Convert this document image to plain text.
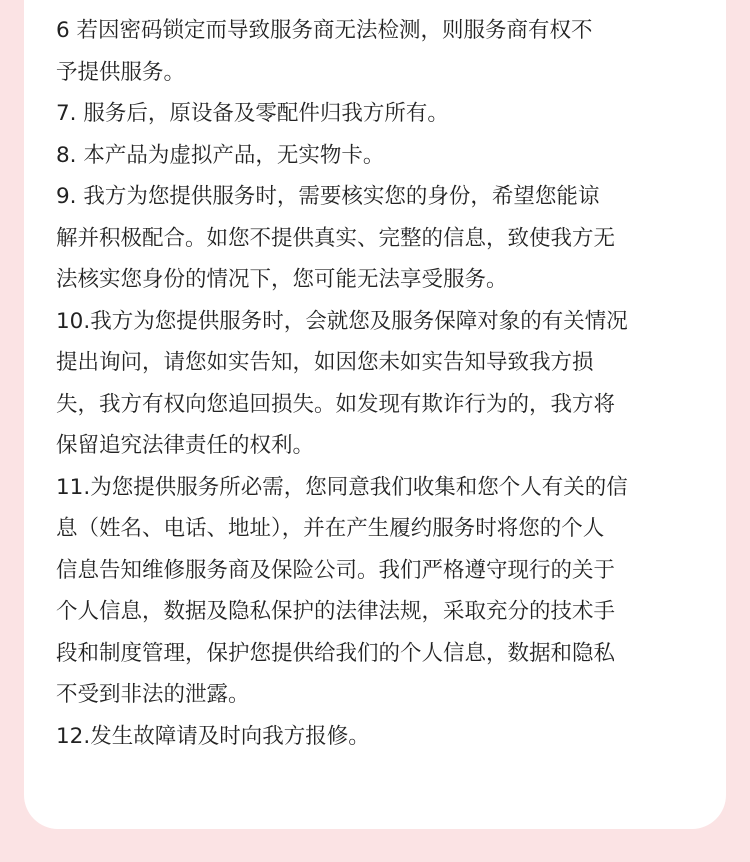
6 若因密码锁定而导致服务商无法检测，则服务商有权不
予提供服务。
7. 服务后，原设备及零配件归我方所有。
8. 本产品为虚拟产品，无实物卡。
9. 我方为您提供服务时，需要核实您的身份，希望您能谅
解并积极配合。如您不提供真实、完整的信息，致使我方无
法核实您身份的情况下，您可能无法享受服务。
10.我方为您提供服务时，会就您及服务保障对象的有关情况
提出询问，请您如实告知，如因您未如实告知导致我方损
失，我方有权向您追回损失。如发现有欺诈行为的，我方将
保留追究法律责任的权利。
11.为您提供服务所必需，您同意我们收集和您个人有关的信
息（姓名、电话、地址），并在产生履约服务时将您的个人
信息告知维修服务商及保险公司。我们严格遵守现行的关于
个人信息，数据及隐私保护的法律法规，采取充分的技术手
段和制度管理，保护您提供给我们的个人信息，数据和隐私
不受到非法的泄露。
12.发生故障请及时向我方报修。
